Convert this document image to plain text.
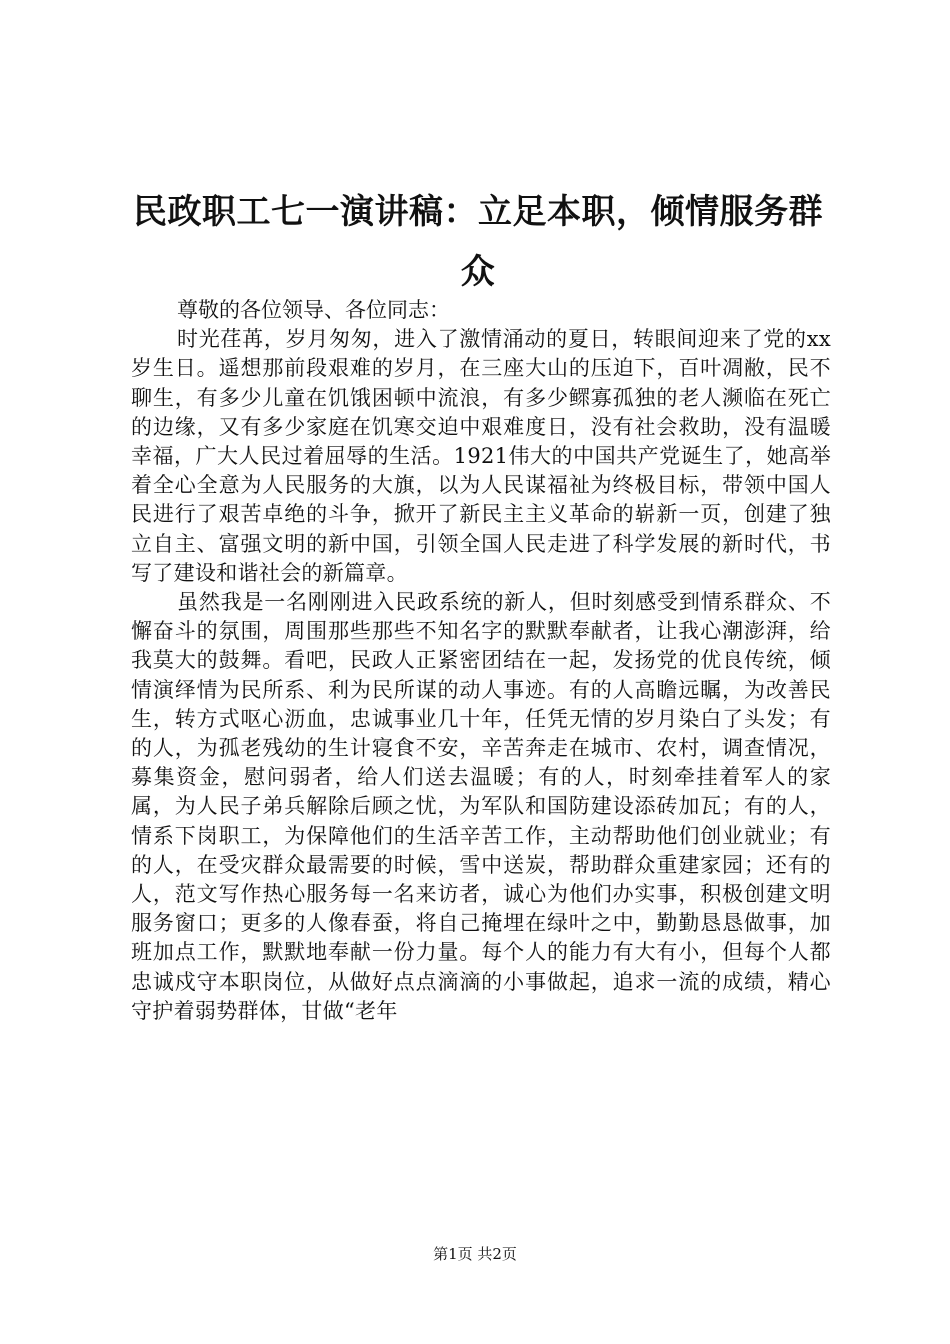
民政职工七一演讲稿：立足本职，倾情服务群众

尊敬的各位领导、各位同志：

时光荏苒，岁月匆匆，进入了激情涌动的夏日，转眼间迎来了党的xx岁生日。遥想那前段艰难的岁月，在三座大山的压迫下，百叶凋敝，民不聊生，有多少儿童在饥饿困顿中流浪，有多少鳏寡孤独的老人濒临在死亡的边缘，又有多少家庭在饥寒交迫中艰难度日，没有社会救助，没有温暖幸福，广大人民过着屈辱的生活。1921伟大的中国共产党诞生了，她高举着全心全意为人民服务的大旗，以为人民谋福祉为终极目标，带领中国人民进行了艰苦卓绝的斗争，掀开了新民主主义革命的崭新一页，创建了独立自主、富强文明的新中国，引领全国人民走进了科学发展的新时代，书写了建设和谐社会的新篇章。

虽然我是一名刚刚进入民政系统的新人，但时刻感受到情系群众、不懈奋斗的氛围，周围那些那些不知名字的默默奉献者，让我心潮澎湃，给我莫大的鼓舞。看吧，民政人正紧密团结在一起，发扬党的优良传统，倾情演绎情为民所系、利为民所谋的动人事迹。有的人高瞻远瞩，为改善民生，转方式呕心沥血，忠诚事业几十年，任凭无情的岁月染白了头发；有的人，为孤老残幼的生计寝食不安，辛苦奔走在城市、农村，调查情况，募集资金，慰问弱者，给人们送去温暖；有的人，时刻牵挂着军人的家属，为人民子弟兵解除后顾之忧，为军队和国防建设添砖加瓦；有的人，情系下岗职工，为保障他们的生活辛苦工作，主动帮助他们创业就业；有的人，在受灾群众最需要的时候，雪中送炭，帮助群众重建家园；还有的人，范文写作热心服务每一名来访者，诚心为他们办实事，积极创建文明服务窗口；更多的人像春蚕，将自己掩埋在绿叶之中，勤勤恳恳做事，加班加点工作，默默地奉献一份力量。每个人的能力有大有小，但每个人都忠诚戍守本职岗位，从做好点点滴滴的小事做起，追求一流的成绩，精心守护着弱势群体，甘做“老年

第1页 共2页
